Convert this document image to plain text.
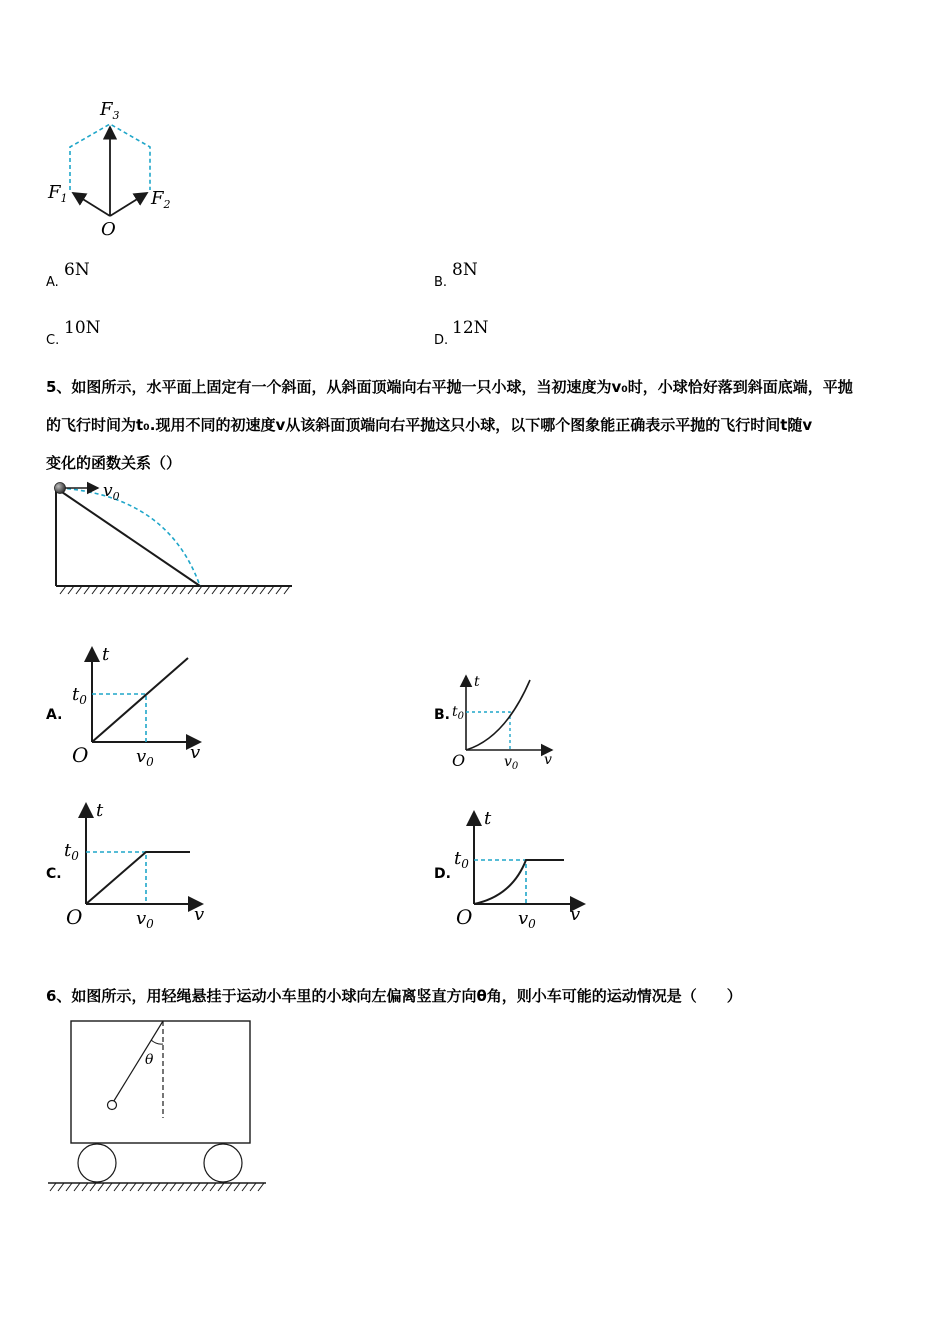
$F_3$
$F_1$	$F_2$
O
A.
6N
B.
8N
C.
10N
D.
12N
5、如图所示，水平面上固定有一个斜面，从斜面顶端向右平抛一只小球，当初速度为v₀时，小球恰好落到斜面底端，平抛
的飞行时间为t₀.现用不同的初速度v从该斜面顶端向右平抛这只小球，以下哪个图象能正确表示平抛的飞行时间t随v
变化的函数关系（）
$v_0$
A.
t
$t_0$
O	$v_0$ v
B.
t
$t_0$
O	$v_0$ v
C.
t
$t_0$
O	$v_0$ v
D.
t
$t_0$
O	$v_0$ v
6、如图所示，用轻绳悬挂于运动小车里的小球向左偏离竖直方向θ角，则小车可能的运动情况是（　　）
θ
